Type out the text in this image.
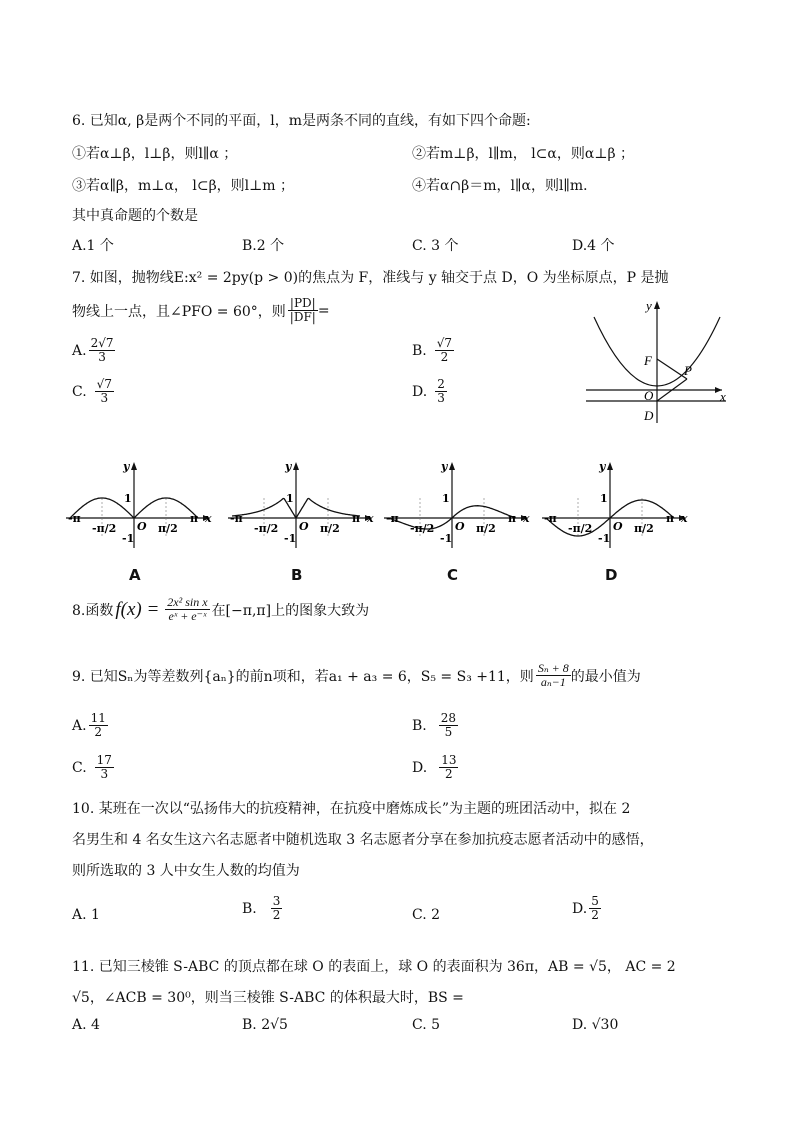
6. 已知α, β是两个不同的平面，l，m是两条不同的直线，有如下四个命题:
①若α⊥β，l⊥β，则l∥α ；	②若m⊥β，l∥m， l⊂α，则α⊥β ；
③若α∥β，m⊥α， l⊂β，则l⊥m ；	④若α∩β＝m，l∥α，则l∥m．
其中真命题的个数是
A.1 个	B.2 个	C. 3 个	D.4 个
7. 如图，抛物线E:x² = 2py(p > 0)的焦点为 F，准线与 y 轴交于点 D，O 为坐标原点，P 是抛
物线上一点，且∠PFO = 60°，则 $\frac{|PD|}{|DF|}$ =
A. $\frac{2√7}{3}$	B. $\frac{√7}{2}$
C. $\frac{√7}{3}$	D. $\frac{2}{3}$
y
x
F
P
O
D
y
x
1
-1
O
-π	π
-π/2	π/2
A
y
x
1
-1
O
-π	π
-π/2	π/2
B
y
x
1
-1
O
-π	π
-π/2	π/2
C
y
x
1
-1
O
-π	π
-π/2	π/2
D
8.函数 $f(x) = \frac{\text{2x² sin x}}{\text{eˣ + e⁻ˣ}}$ 在[−π,π]上的图象大致为
9. 已知Sₙ为等差数列{aₙ}的前n项和，若a₁ + a₃ = 6，S₅ = S₃ +11，则 $\frac{\text{Sₙ + 8}}{\text{aₙ−1}}$ 的最小值为
A. $\frac{11}{2}$	B. $\frac{28}{5}$
C. $\frac{17}{3}$	D. $\frac{13}{2}$
10. 某班在一次以“弘扬伟大的抗疫精神，在抗疫中磨炼成长”为主题的班团活动中，拟在 2
名男生和 4 名女生这六名志愿者中随机选取 3 名志愿者分享在参加抗疫志愿者活动中的感悟，
则所选取的 3 人中女生人数的均值为
A. 1	B. $\frac{3}{2}$	C. 2	D. $\frac{5}{2}$
11. 已知三棱锥 S-ABC 的顶点都在球 O 的表面上，球 O 的表面积为 36π，AB = √5， AC = 2
√5，∠ACB = 30⁰，则当三棱锥 S-ABC 的体积最大时，BS =
A. 4	B. 2√5	C. 5	D. √30
